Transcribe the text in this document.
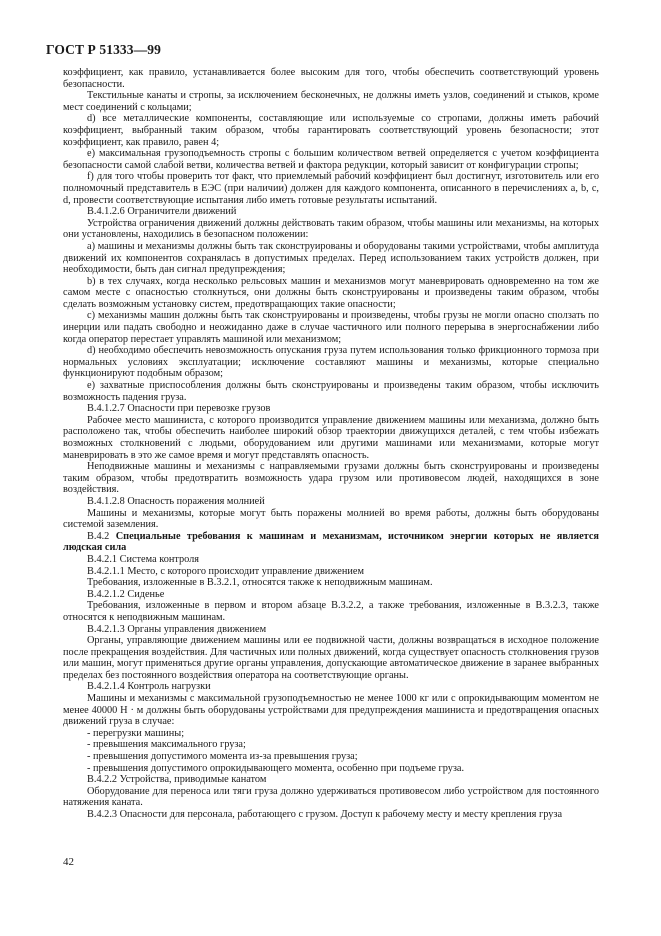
ГОСТ Р 51333—99

коэффициент, как правило, устанавливается более высоким для того, чтобы обеспечить соответствующий уровень безопасности.

Текстильные канаты и стропы, за исключением бесконечных, не должны иметь узлов, соединений и стыков, кроме мест соединений с кольцами;

d) все металлические компоненты, составляющие или используемые со стропами, должны иметь рабочий коэффициент, выбранный таким образом, чтобы гарантировать соответствующий уровень безопасности; этот коэффициент, как правило, равен 4;

е) максимальная грузоподъемность стропы с большим количеством ветвей определяется с учетом коэффициента безопасности самой слабой ветви, количества ветвей и фактора редукции, который зависит от конфигурации стропы;

f) для того чтобы проверить тот факт, что приемлемый рабочий коэффициент был достигнут, изготовитель или его полномочный представитель в ЕЭС (при наличии) должен для каждого компонента, описанного в перечислениях а, b, с, d, провести соответствующие испытания либо иметь готовые результаты испытаний.

В.4.1.2.6 Ограничители движений

Устройства ограничения движений должны действовать таким образом, чтобы машины или механизмы, на которых они установлены, находились в безопасном положении:

а) машины и механизмы должны быть так сконструированы и оборудованы такими устройствами, чтобы амплитуда движений их компонентов сохранялась в допустимых пределах. Перед использованием таких устройств должен, при необходимости, быть дан сигнал предупреждения;

b) в тех случаях, когда несколько рельсовых машин и механизмов могут маневрировать одновременно на том же самом месте с опасностью столкнуться, они должны быть сконструированы и произведены таким образом, чтобы сделать возможным установку систем, предотвращающих такие опасности;

с) механизмы машин должны быть так сконструированы и произведены, чтобы грузы не могли опасно сползать по инерции или падать свободно и неожиданно даже в случае частичного или полного перерыва в энергоснабжении либо когда оператор перестает управлять машиной или механизмом;

d) необходимо обеспечить невозможность опускания груза путем использования только фрикционного тормоза при нормальных условиях эксплуатации; исключение составляют машины и механизмы, которые специально функционируют подобным образом;

е) захватные приспособления должны быть сконструированы и произведены таким образом, чтобы исключить возможность падения груза.

В.4.1.2.7 Опасности при перевозке грузов

Рабочее место машиниста, с которого производится управление движением машины или механизма, должно быть расположено так, чтобы обеспечить наиболее широкий обзор траектории движущихся деталей, с тем чтобы избежать возможных столкновений с людьми, оборудованием или другими машинами или механизмами, которые могут маневрировать в это же самое время и могут представлять опасность.

Неподвижные машины и механизмы с направляемыми грузами должны быть сконструированы и произведены таким образом, чтобы предотвратить возможность удара грузом или противовесом людей, находящихся в зоне воздействия.

В.4.1.2.8 Опасность поражения молнией

Машины и механизмы, которые могут быть поражены молнией во время работы, должны быть оборудованы системой заземления.

В.4.2 Специальные требования к машинам и механизмам, источником энергии которых не является людская сила

В.4.2.1 Система контроля

В.4.2.1.1 Место, с которого происходит управление движением

Требования, изложенные в В.3.2.1, относятся также к неподвижным машинам.

В.4.2.1.2 Сиденье

Требования, изложенные в первом и втором абзаце В.3.2.2, а также требования, изложенные в В.3.2.3, также относятся к неподвижным машинам.

В.4.2.1.3 Органы управления движением

Органы, управляющие движением машины или ее подвижной части, должны возвращаться в исходное положение после прекращения воздействия. Для частичных или полных движений, когда существует опасность столкновения грузов или машин, могут применяться другие органы управления, допускающие автоматическое движение в заранее выбранных пределах без постоянного воздействия оператора на соответствующие органы.

В.4.2.1.4 Контроль нагрузки

Машины и механизмы с максимальной грузоподъемностью не менее 1000 кг или с опрокидывающим моментом не менее 40000 Н · м должны быть оборудованы устройствами для предупреждения машиниста и предотвращения опасных движений груза в случае:

- перегрузки машины;

- превышения максимального груза;

- превышения допустимого момента из-за превышения груза;

- превышения допустимого опрокидывающего момента, особенно при подъеме груза.

В.4.2.2 Устройства, приводимые канатом

Оборудование для переноса или тяги груза должно удерживаться противовесом либо устройством для постоянного натяжения каната.

В.4.2.3 Опасности для персонала, работающего с грузом. Доступ к рабочему месту и месту крепления груза

42
